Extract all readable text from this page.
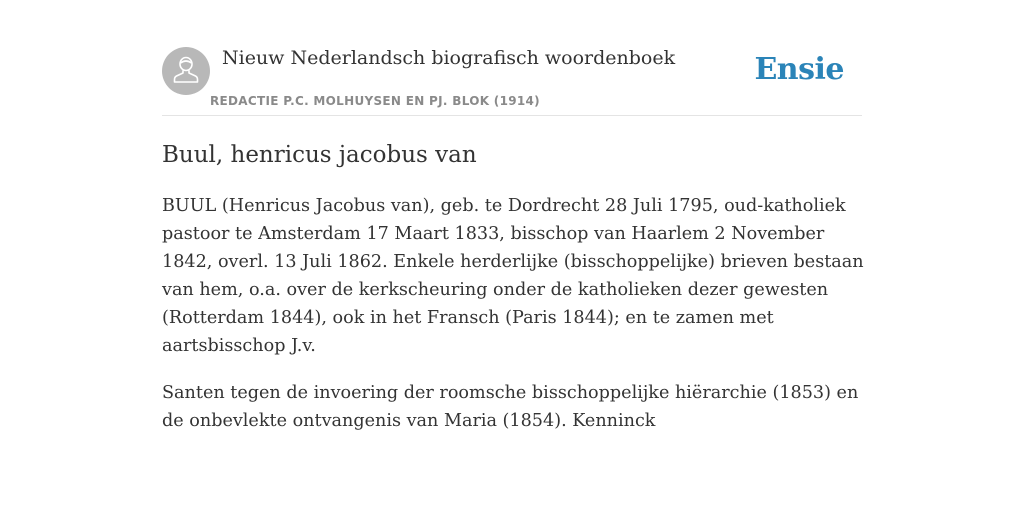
Nieuw Nederlandsch biografisch woordenboek
REDACTIE P.C. MOLHUYSEN EN PJ. BLOK (1914)
Ensie
Buul, henricus jacobus van

BUUL (Henricus Jacobus van), geb. te Dordrecht 28 Juli 1795, oud-katholiek pastoor te Amsterdam 17 Maart 1833, bisschop van Haarlem 2 November 1842, overl. 13 Juli 1862. Enkele herderlijke (bisschoppelijke) brieven bestaan van hem, o.a. over de kerkscheuring onder de katholieken dezer gewesten (Rotterdam 1844), ook in het Fransch (Paris 1844); en te zamen met aartsbisschop J.v.

Santen tegen de invoering der roomsche bisschoppelijke hiërarchie (1853) en de onbevlekte ontvangenis van Maria (1854). Kenninck
